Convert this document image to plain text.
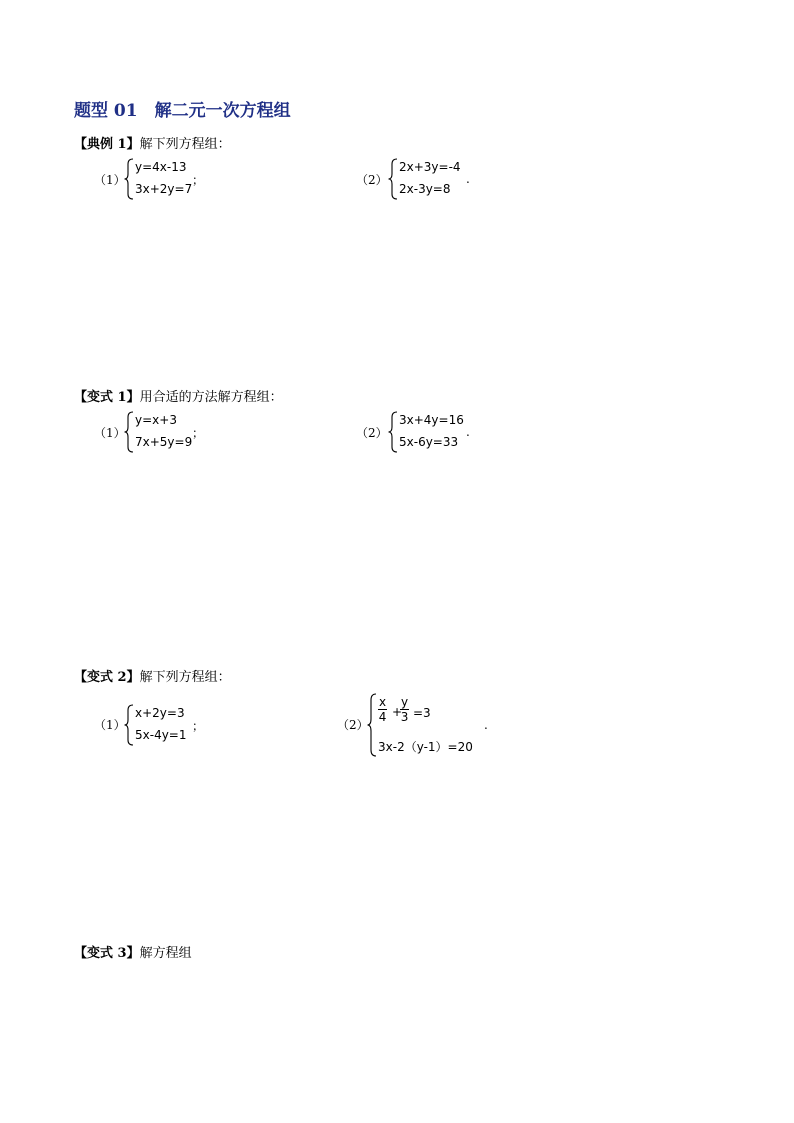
题型 01　解二元一次方程组
【典例 1】解下列方程组：
（1）
y=4x-13
3x+2y=7
；	（2）
2x+3y=-4
2x-3y=8
.
【变式 1】用合适的方法解方程组：
（1）
y=x+3
7x+5y=9
；	（2）
3x+4y=16
5x-6y=33
.
【变式 2】解下列方程组：
（1）
x+2y=3
5x-4y=1
；	（2）
$\frac{x}{4}$ +
$\frac{y}{3} =3$
3x-2（y-1）=20
.
【变式 3】解方程组
